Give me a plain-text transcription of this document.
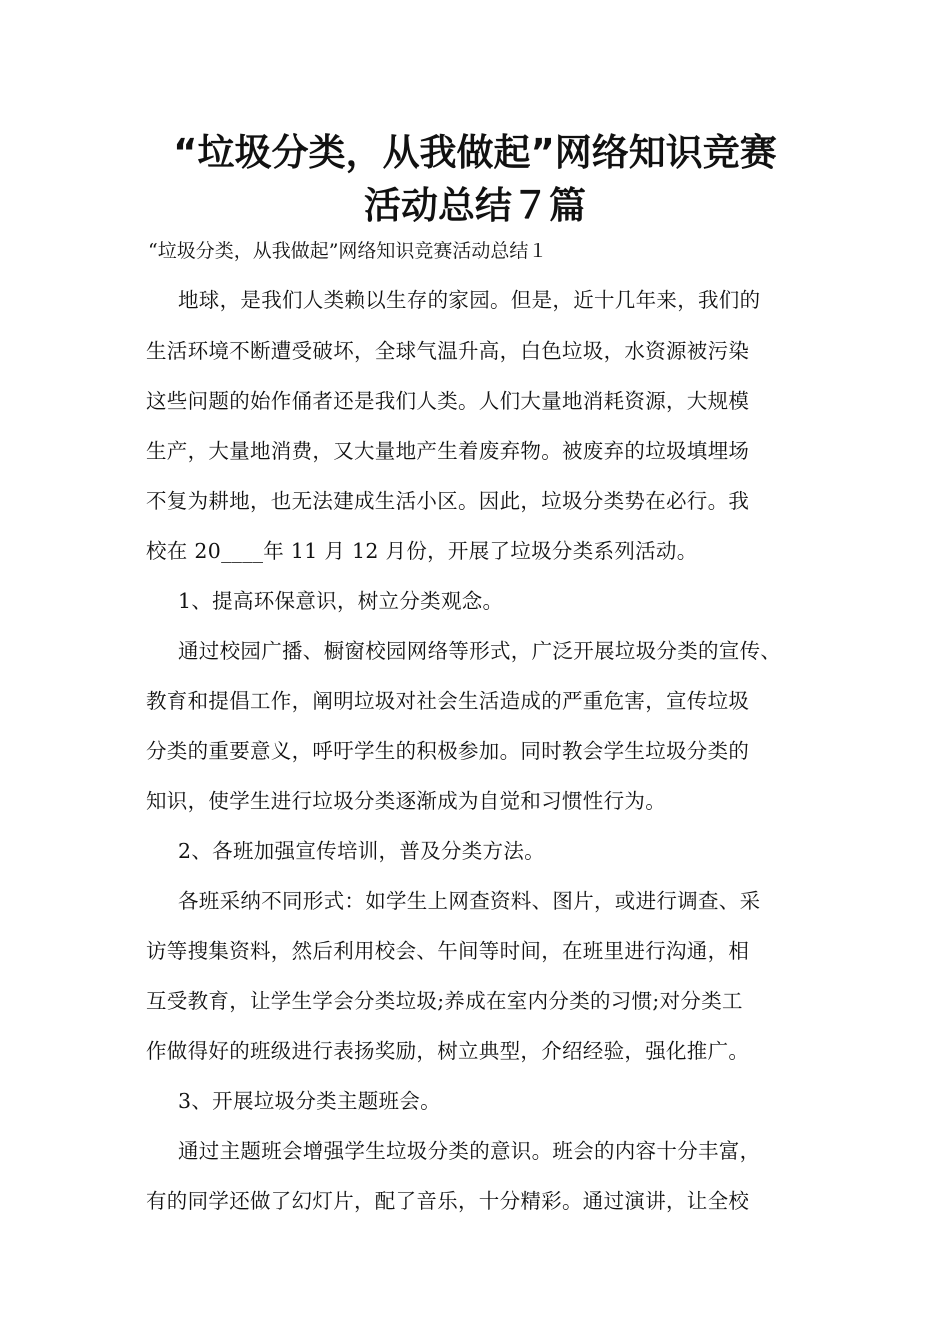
“垃圾分类，从我做起”网络知识竞赛
活动总结７篇

“垃圾分类，从我做起”网络知识竞赛活动总结１

地球，是我们人类赖以生存的家园。但是，近十几年来，我们的

生活环境不断遭受破坏，全球气温升高，白色垃圾，水资源被污染

这些问题的始作俑者还是我们人类。人们大量地消耗资源，大规模

生产，大量地消费，又大量地产生着废弃物。被废弃的垃圾填埋场

不复为耕地，也无法建成生活小区。因此，垃圾分类势在必行。我

校在 20____年 11 月 12 月份，开展了垃圾分类系列活动。

1、提高环保意识，树立分类观念。

通过校园广播、橱窗校园网络等形式，广泛开展垃圾分类的宣传、

教育和提倡工作，阐明垃圾对社会生活造成的严重危害，宣传垃圾

分类的重要意义，呼吁学生的积极参加。同时教会学生垃圾分类的

知识，使学生进行垃圾分类逐渐成为自觉和习惯性行为。

2、各班加强宣传培训，普及分类方法。

各班采纳不同形式：如学生上网查资料、图片，或进行调查、采

访等搜集资料，然后利用校会、午间等时间，在班里进行沟通，相

互受教育，让学生学会分类垃圾;养成在室内分类的习惯;对分类工

作做得好的班级进行表扬奖励，树立典型，介绍经验，强化推广。

3、开展垃圾分类主题班会。

通过主题班会增强学生垃圾分类的意识。班会的内容十分丰富，

有的同学还做了幻灯片，配了音乐，十分精彩。通过演讲，让全校
